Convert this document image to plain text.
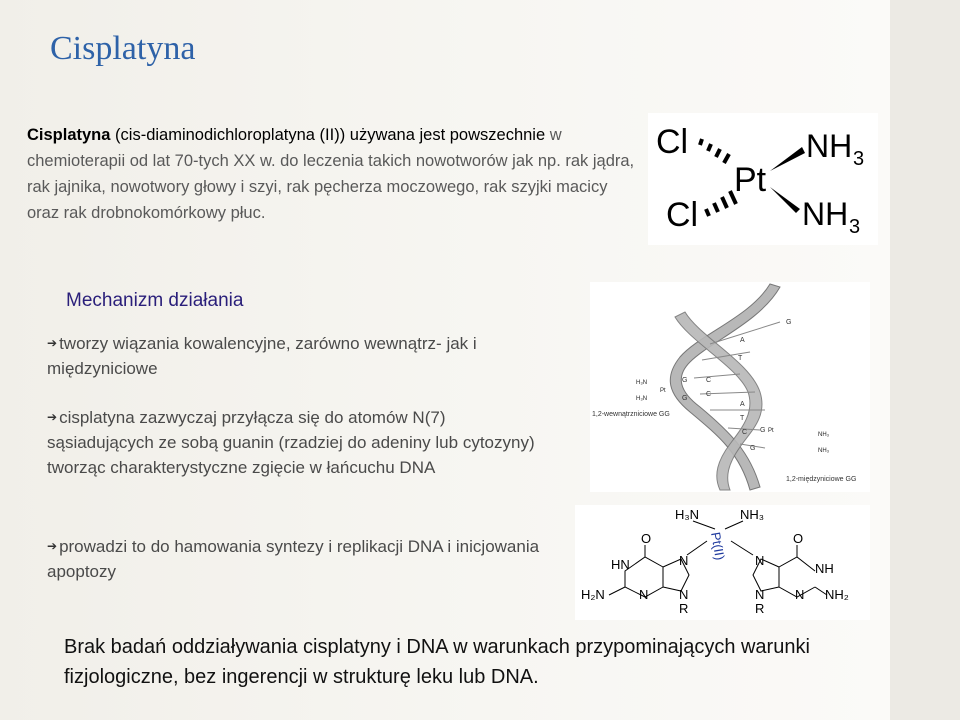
Cisplatyna
Cisplatyna (cis-diaminodichloroplatyna (II)) używana jest powszechnie w chemioterapii od lat 70-tych XX w. do leczenia takich nowotworów jak np. rak jądra, rak jajnika, nowotwory głowy i szyi, rak pęcherza moczowego, rak szyjki macicy oraz rak drobnokomórkowy płuc.
Cl
Cl
Pt
NH 3
NH 3
Mechanizm działania
➔ tworzy wiązania kowalencyjne, zarówno wewnątrz- jak i międzyniciowe
➔ cisplatyna zazwyczaj przyłącza się do atomów N(7) sąsiadujących ze sobą guanin (rzadziej do adeniny lub cytozyny) tworząc charakterystyczne zgięcie w łańcuchu DNA
➔ prowadzi to do hamowania syntezy i replikacji DNA i inicjowania apoptozy
G
A
T
G	C
C
G
A
T
C G
G
H₃N
H₃N
Pt
Pt
NH₃
NH₃
1,2-wewnątrzniciowe GG
1,2-międzyniciowe GG
H₃N	NH₃
O	O
HN	N	N
NH
H₂N	N N
R
N
R
N NH₂
Pt(II)
Brak badań oddziaływania cisplatyny i DNA w warunkach przypominających warunki fizjologiczne, bez ingerencji w strukturę leku lub DNA.
